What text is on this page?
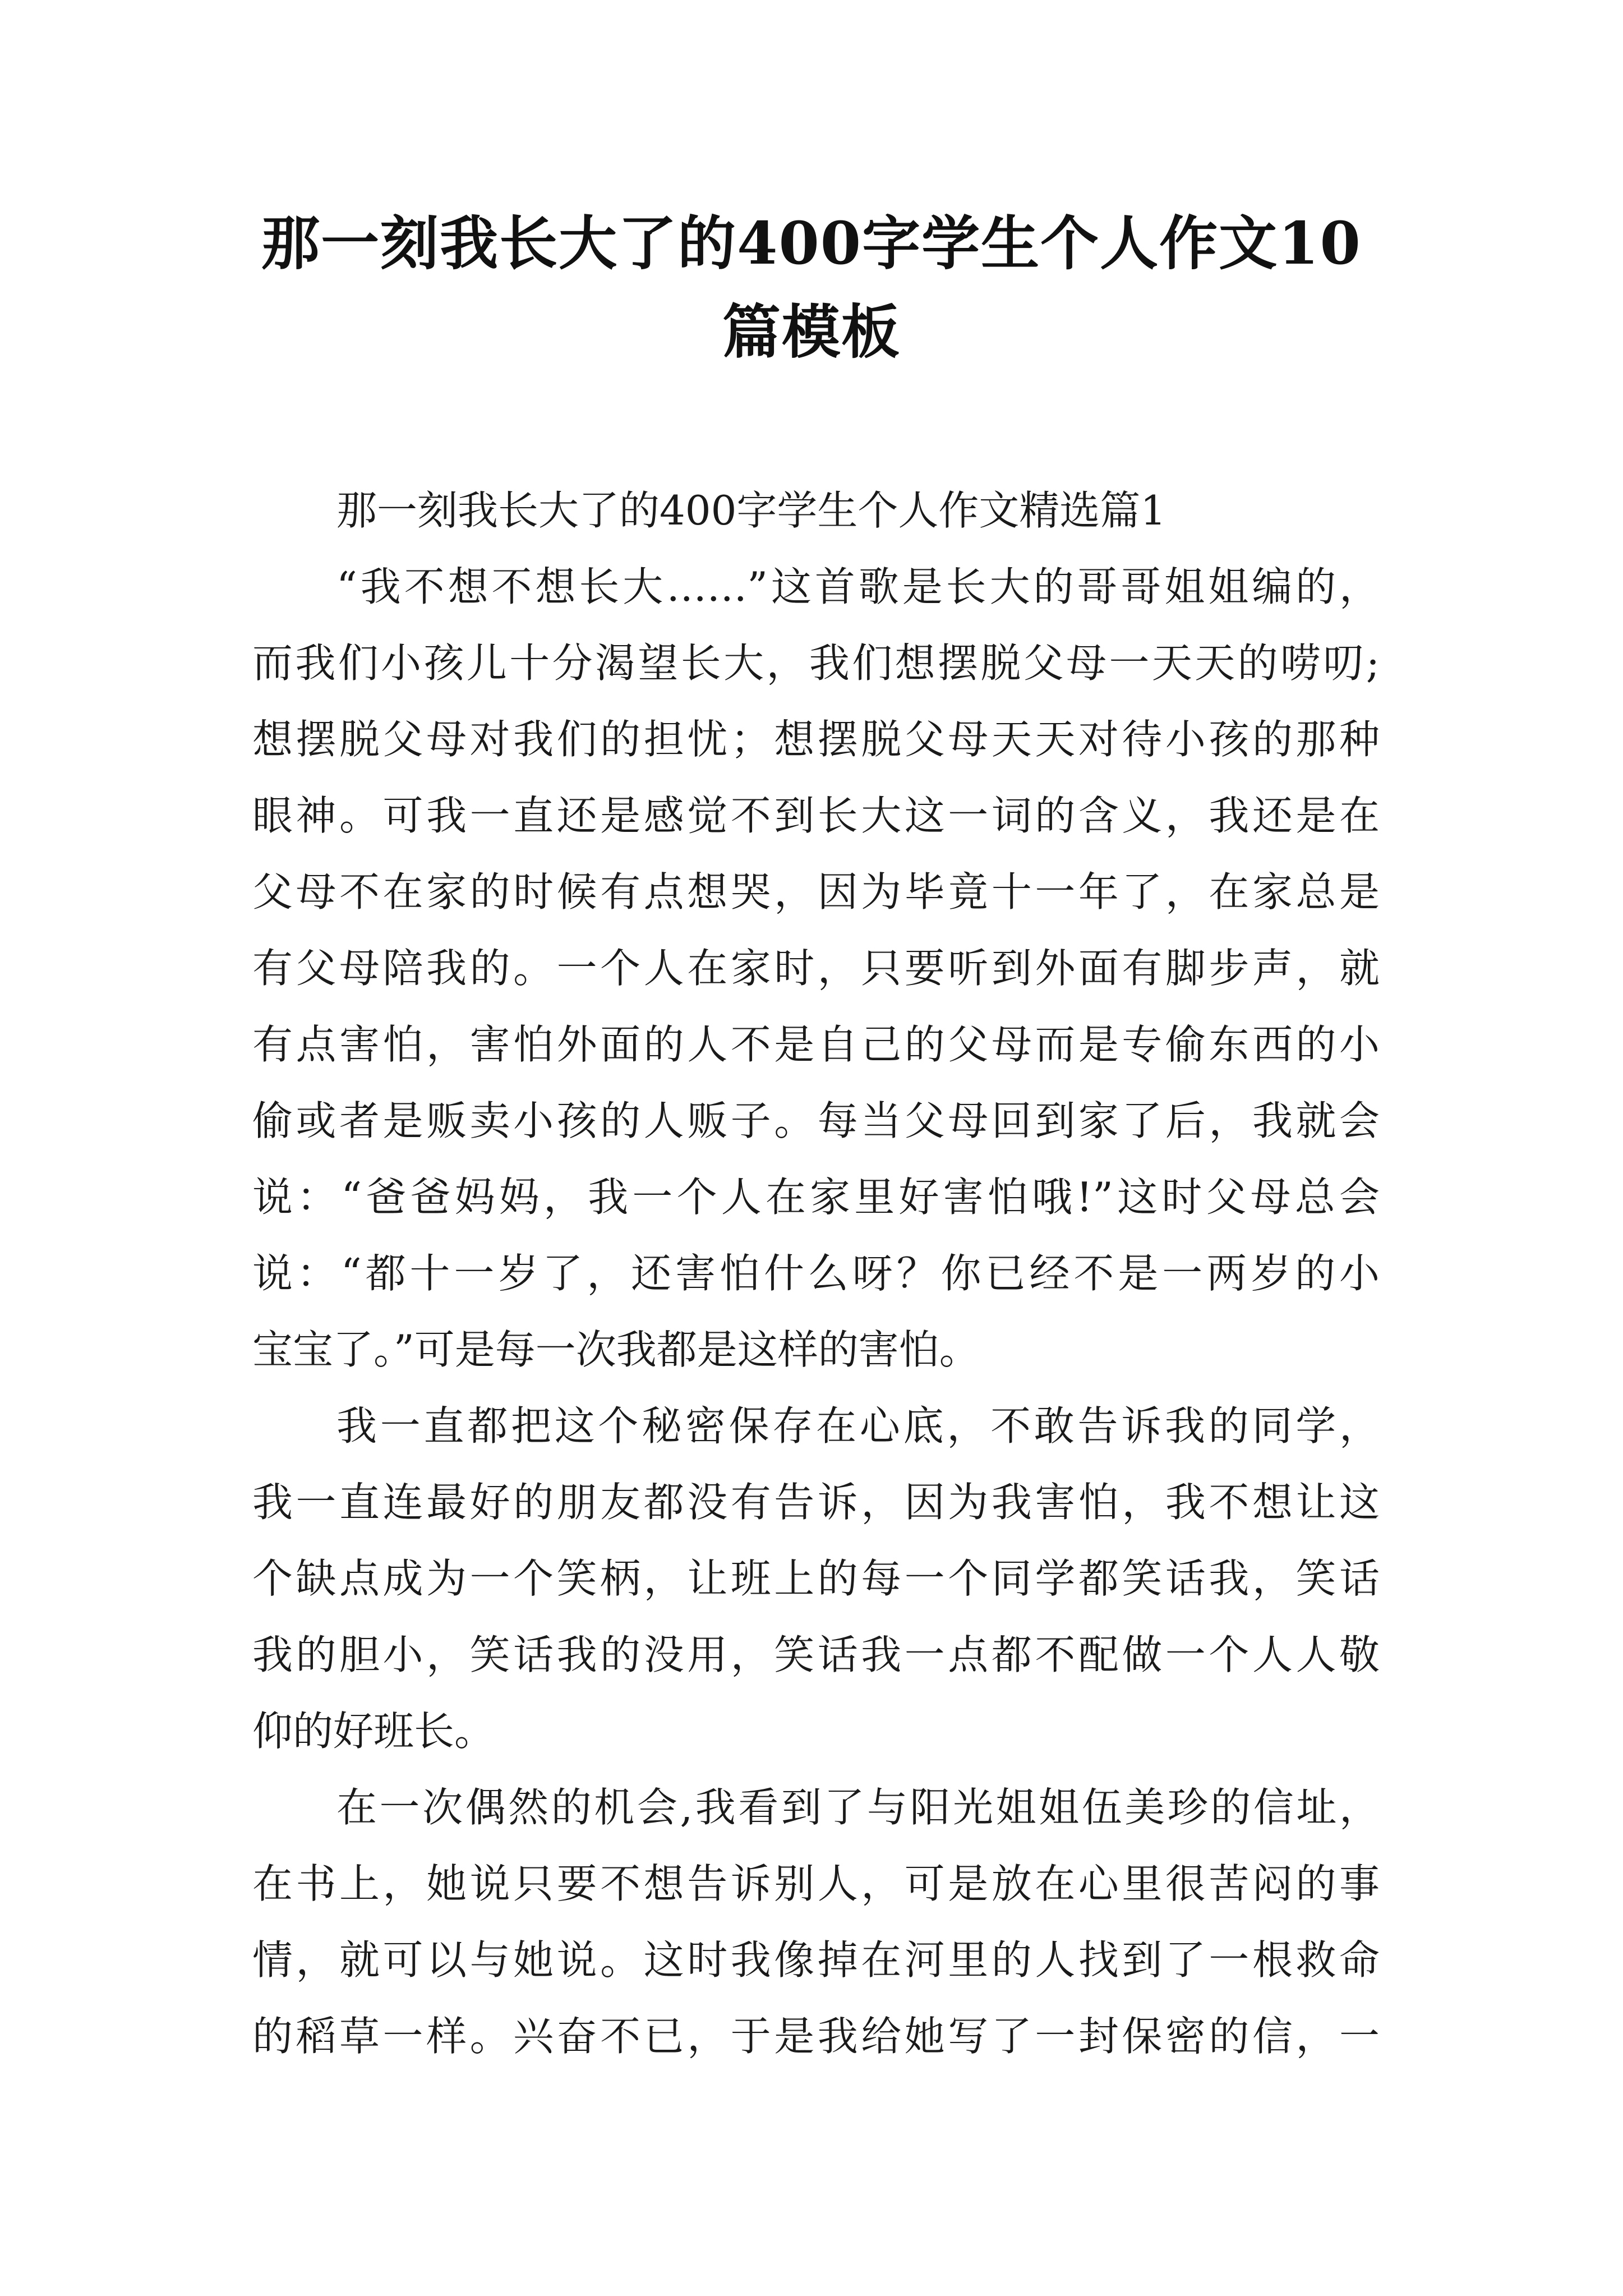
那一刻我长大了的400字学生个人作文10
篇模板
那一刻我长大了的400字学生个人作文精选篇1
“我不想不想长大……”这首歌是长大的哥哥姐姐编的，
而我们小孩儿十分渴望长大，我们想摆脱父母一天天的唠叨;
想摆脱父母对我们的担忧；想摆脱父母天天对待小孩的那种
眼神。可我一直还是感觉不到长大这一词的含义，我还是在
父母不在家的时候有点想哭，因为毕竟十一年了，在家总是
有父母陪我的。一个人在家时，只要听到外面有脚步声，就
有点害怕，害怕外面的人不是自己的父母而是专偷东西的小
偷或者是贩卖小孩的人贩子。每当父母回到家了后，我就会
说：“爸爸妈妈，我一个人在家里好害怕哦!”这时父母总会
说：“都十一岁了，还害怕什么呀？你已经不是一两岁的小
宝宝了。”可是每一次我都是这样的害怕。
我一直都把这个秘密保存在心底，不敢告诉我的同学，
我一直连最好的朋友都没有告诉，因为我害怕，我不想让这
个缺点成为一个笑柄，让班上的每一个同学都笑话我，笑话
我的胆小，笑话我的没用，笑话我一点都不配做一个人人敬
仰的好班长。
在一次偶然的机会,我看到了与阳光姐姐伍美珍的信址，
在书上，她说只要不想告诉别人，可是放在心里很苦闷的事
情，就可以与她说。这时我像掉在河里的人找到了一根救命
的稻草一样。兴奋不已，于是我给她写了一封保密的信，一
